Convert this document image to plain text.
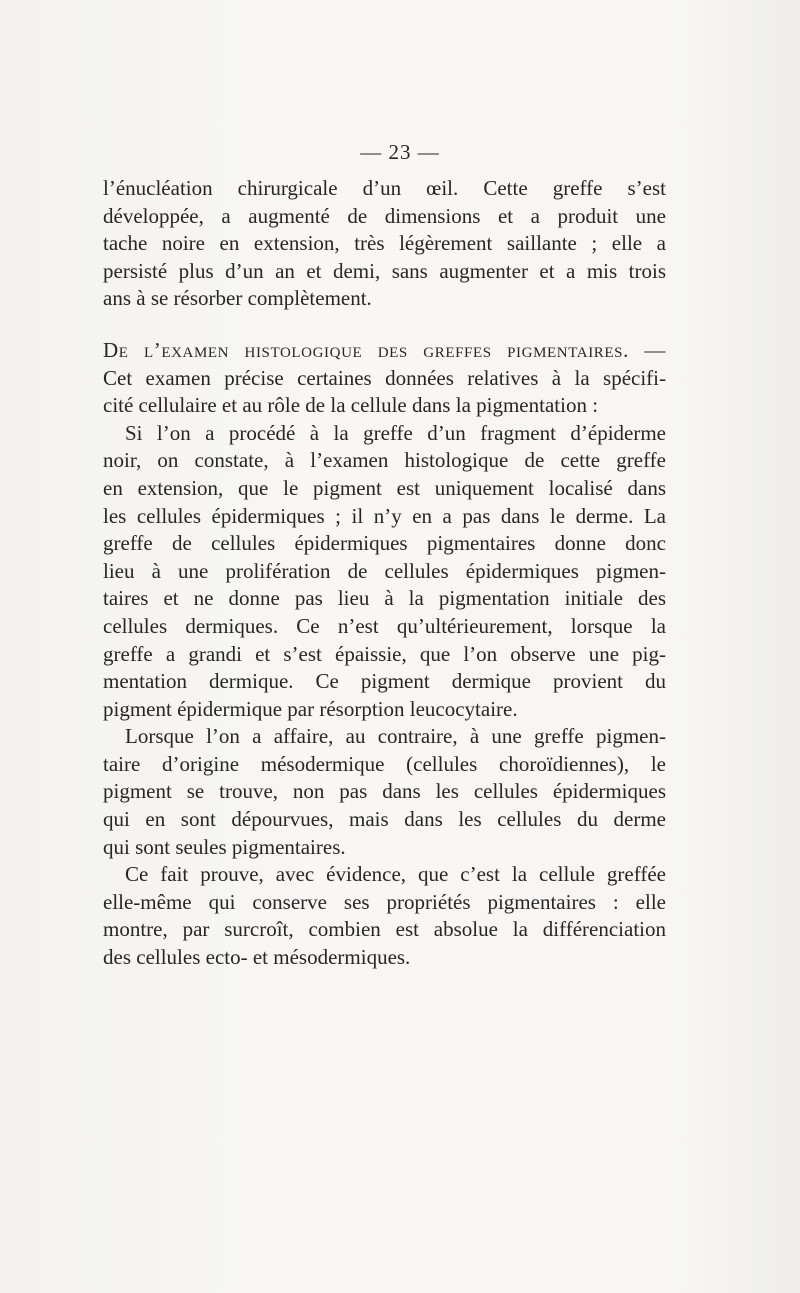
— 23 —
l’énucléation chirurgicale d’un œil. Cette greffe s’est
développée, a augmenté de dimensions et a produit une
tache noire en extension, très légèrement saillante ; elle a
persisté plus d’un an et demi, sans augmenter et a mis trois
ans à se résorber complètement.
De l’examen histologique des greffes pigmentaires. —
Cet examen précise certaines données relatives à la spécifi-
cité cellulaire et au rôle de la cellule dans la pigmentation :
Si l’on a procédé à la greffe d’un fragment d’épiderme
noir, on constate, à l’examen histologique de cette greffe
en extension, que le pigment est uniquement localisé dans
les cellules épidermiques ; il n’y en a pas dans le derme. La
greffe de cellules épidermiques pigmentaires donne donc
lieu à une prolifération de cellules épidermiques pigmen-
taires et ne donne pas lieu à la pigmentation initiale des
cellules dermiques. Ce n’est qu’ultérieurement, lorsque la
greffe a grandi et s’est épaissie, que l’on observe une pig-
mentation dermique. Ce pigment dermique provient du
pigment épidermique par résorption leucocytaire.
Lorsque l’on a affaire, au contraire, à une greffe pigmen-
taire d’origine mésodermique (cellules choroïdiennes), le
pigment se trouve, non pas dans les cellules épidermiques
qui en sont dépourvues, mais dans les cellules du derme
qui sont seules pigmentaires.
Ce fait prouve, avec évidence, que c’est la cellule greffée
elle-même qui conserve ses propriétés pigmentaires : elle
montre, par surcroît, combien est absolue la différenciation
des cellules ecto- et mésodermiques.
